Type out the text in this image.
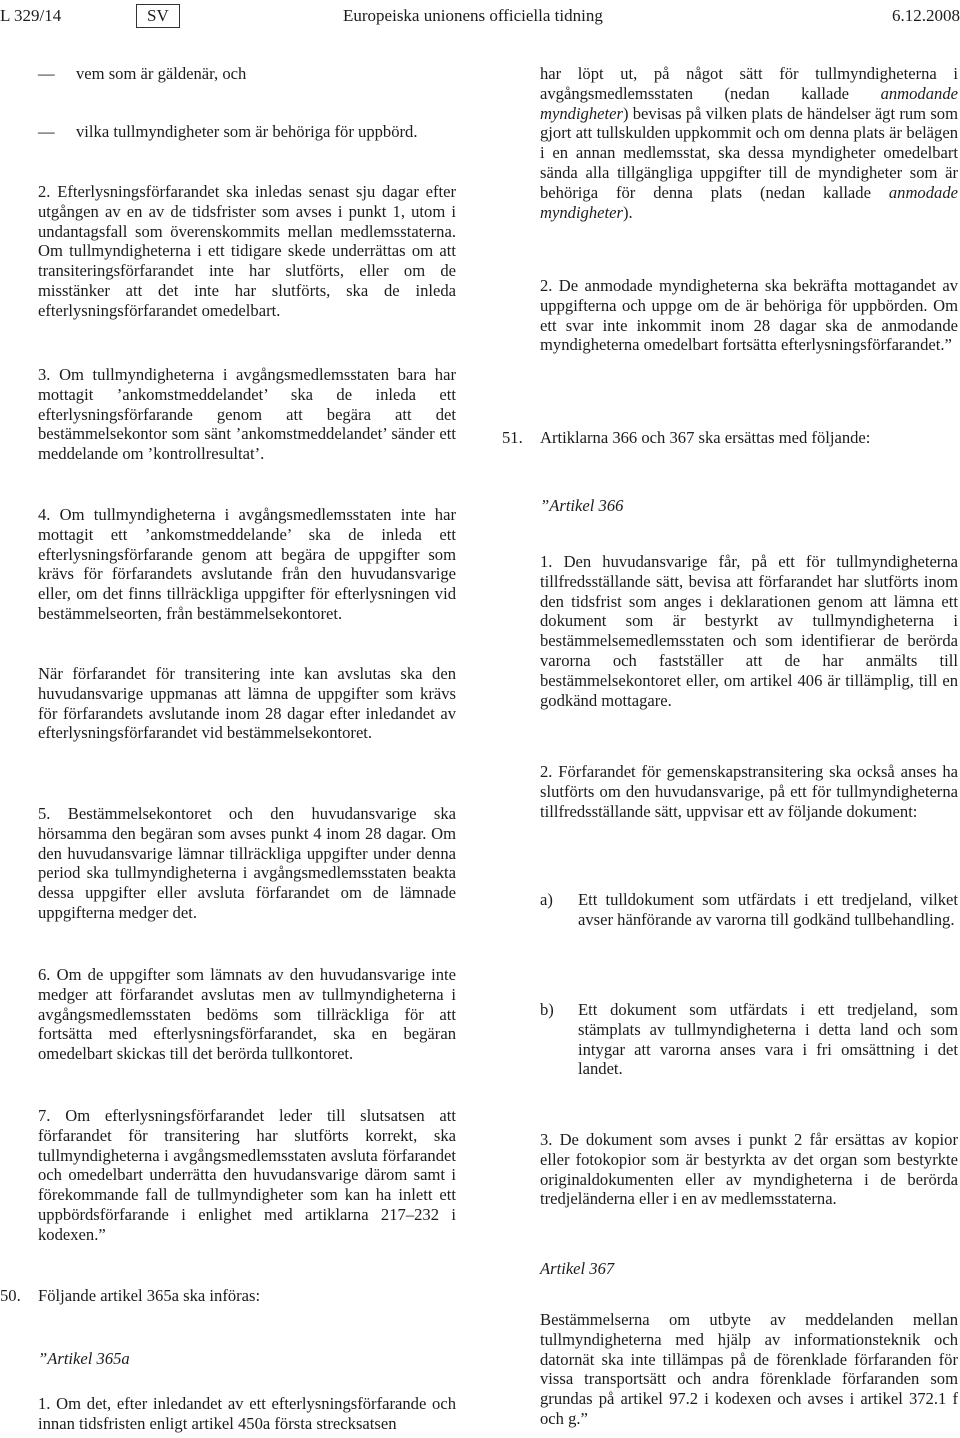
L 329/14	SV	Europeiska unionens officiella tidning	6.12.2008
— vem som är gäldenär, och
— vilka tullmyndigheter som är behöriga för uppbörd.

2. Efterlysningsförfarandet ska inledas senast sju dagar efter utgången av en av de tidsfrister som avses i punkt 1, utom i undantagsfall som överenskommits mellan medlemsstaterna. Om tullmyndigheterna i ett tidigare skede underrättas om att transiteringsförfarandet inte har slutförts, eller om de misstänker att det inte har slutförts, ska de inleda efterlysningsförfarandet omedelbart.

3. Om tullmyndigheterna i avgångsmedlemsstaten bara har mottagit ’ankomstmeddelandet’ ska de inleda ett efterlysningsförfarande genom att begära att det bestämmelsekontor som sänt ’ankomstmeddelandet’ sänder ett meddelande om ’kontrollresultat’.

4. Om tullmyndigheterna i avgångsmedlemsstaten inte har mottagit ett ’ankomstmeddelande’ ska de inleda ett efterlysningsförfarande genom att begära de uppgifter som krävs för förfarandets avslutande från den huvudansvarige eller, om det finns tillräckliga uppgifter för efterlysningen vid bestämmelseorten, från bestämmelsekontoret.

När förfarandet för transitering inte kan avslutas ska den huvudansvarige uppmanas att lämna de uppgifter som krävs för förfarandets avslutande inom 28 dagar efter inledandet av efterlysningsförfarandet vid bestämmelsekontoret.

5. Bestämmelsekontoret och den huvudansvarige ska hörsamma den begäran som avses punkt 4 inom 28 dagar. Om den huvudansvarige lämnar tillräckliga uppgifter under denna period ska tullmyndigheterna i avgångsmedlemsstaten beakta dessa uppgifter eller avsluta förfarandet om de lämnade uppgifterna medger det.

6. Om de uppgifter som lämnats av den huvudansvarige inte medger att förfarandet avslutas men av tullmyndigheterna i avgångsmedlemsstaten bedöms som tillräckliga för att fortsätta med efterlysningsförfarandet, ska en begäran omedelbart skickas till det berörda tullkontoret.

7. Om efterlysningsförfarandet leder till slutsatsen att förfarandet för transitering har slutförts korrekt, ska tullmyndigheterna i avgångsmedlemsstaten avsluta förfarandet och omedelbart underrätta den huvudansvarige därom samt i förekommande fall de tullmyndigheter som kan ha inlett ett uppbördsförfarande i enlighet med artiklarna 217–232 i kodexen.”

50. Följande artikel 365a ska införas:
”Artikel 365a

1. Om det, efter inledandet av ett efterlysningsförfarande och innan tidsfristen enligt artikel 450a första strecksatsen

har löpt ut, på något sätt för tullmyndigheterna i avgångsmedlemsstaten (nedan kallade anmodande myndigheter) bevisas på vilken plats de händelser ägt rum som gjort att tullskulden uppkommit och om denna plats är belägen i en annan medlemsstat, ska dessa myndigheter omedelbart sända alla tillgängliga uppgifter till de myndigheter som är behöriga för denna plats (nedan kallade anmodade myndigheter).

2. De anmodade myndigheterna ska bekräfta mottagandet av uppgifterna och uppge om de är behöriga för uppbörden. Om ett svar inte inkommit inom 28 dagar ska de anmodande myndigheterna omedelbart fortsätta efterlysningsförfarandet.”

51. Artiklarna 366 och 367 ska ersättas med följande:
”Artikel 366

1. Den huvudansvarige får, på ett för tullmyndigheterna tillfredsställande sätt, bevisa att förfarandet har slutförts inom den tidsfrist som anges i deklarationen genom att lämna ett dokument som är bestyrkt av tullmyndigheterna i bestämmelsemedlemsstaten och som identifierar de berörda varorna och fastställer att de har anmälts till bestämmelsekontoret eller, om artikel 406 är tillämplig, till en godkänd mottagare.

2. Förfarandet för gemenskapstransitering ska också anses ha slutförts om den huvudansvarige, på ett för tullmyndigheterna tillfredsställande sätt, uppvisar ett av följande dokument:

a) Ett tulldokument som utfärdats i ett tredjeland, vilket avser hänförande av varorna till godkänd tullbehandling.
b) Ett dokument som utfärdats i ett tredjeland, som stämplats av tullmyndigheterna i detta land och som intygar att varorna anses vara i fri omsättning i det landet.

3. De dokument som avses i punkt 2 får ersättas av kopior eller fotokopior som är bestyrkta av det organ som bestyrkte originaldokumenten eller av myndigheterna i de berörda tredjeländerna eller i en av medlemsstaterna.

Artikel 367

Bestämmelserna om utbyte av meddelanden mellan tullmyndigheterna med hjälp av informationsteknik och datornät ska inte tillämpas på de förenklade förfaranden för vissa transportsätt och andra förenklade förfaranden som grundas på artikel 97.2 i kodexen och avses i artikel 372.1 f och g.”
